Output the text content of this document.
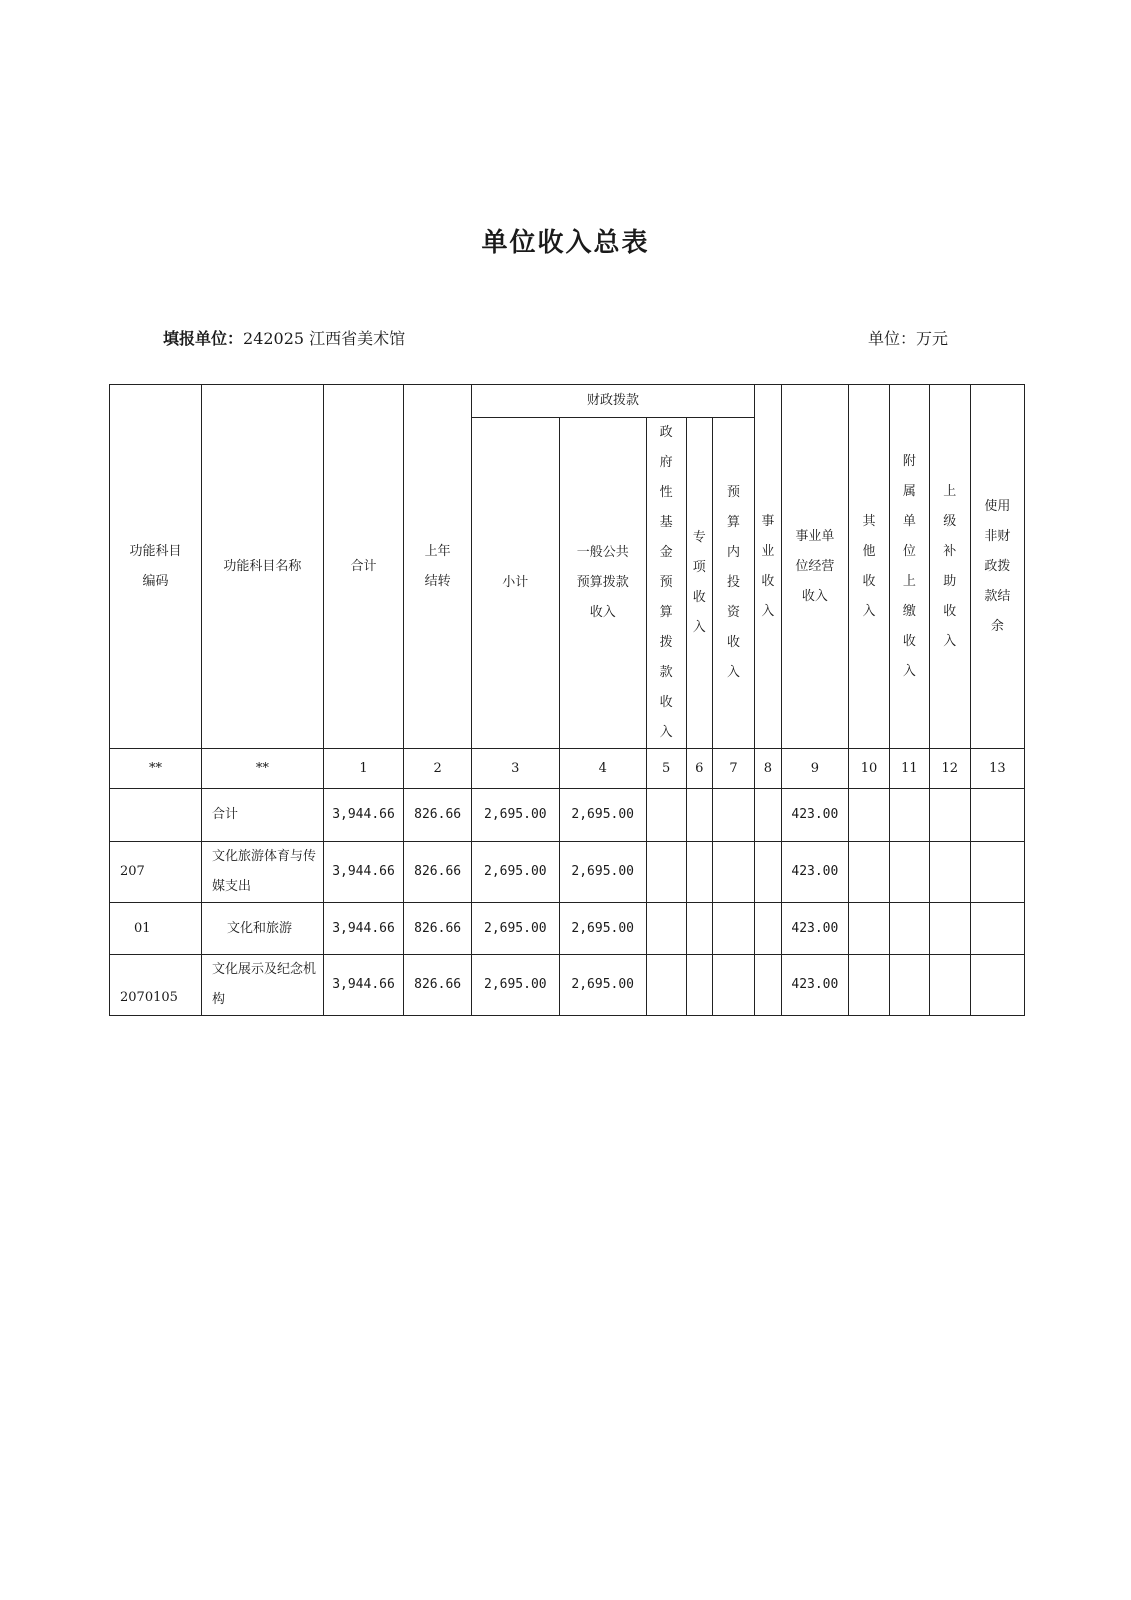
单位收入总表
填报单位：242025 江西省美术馆	单位：万元
功能科目编码	功能科目名称	合计	上年结转	财政拨款					事业收入	事业单位经营收入	其他收入	附属单位上缴收入	上级补助收入	使用非财政拨款结余
				小计	一般公共预算拨款收入	政府性基金预算拨款收入	专项收入	预算内投资收入						
**	**	1	2	3	4	5	6	7	8	9	10	11	12	13
	合计	3,944.66	826.66	2,695.00	2,695.00					423.00				
207	文化旅游体育与传媒支出	3,944.66	826.66	2,695.00	2,695.00					423.00				
01	文化和旅游	3,944.66	826.66	2,695.00	2,695.00					423.00				
2070105	文化展示及纪念机构	3,944.66	826.66	2,695.00	2,695.00					423.00				
